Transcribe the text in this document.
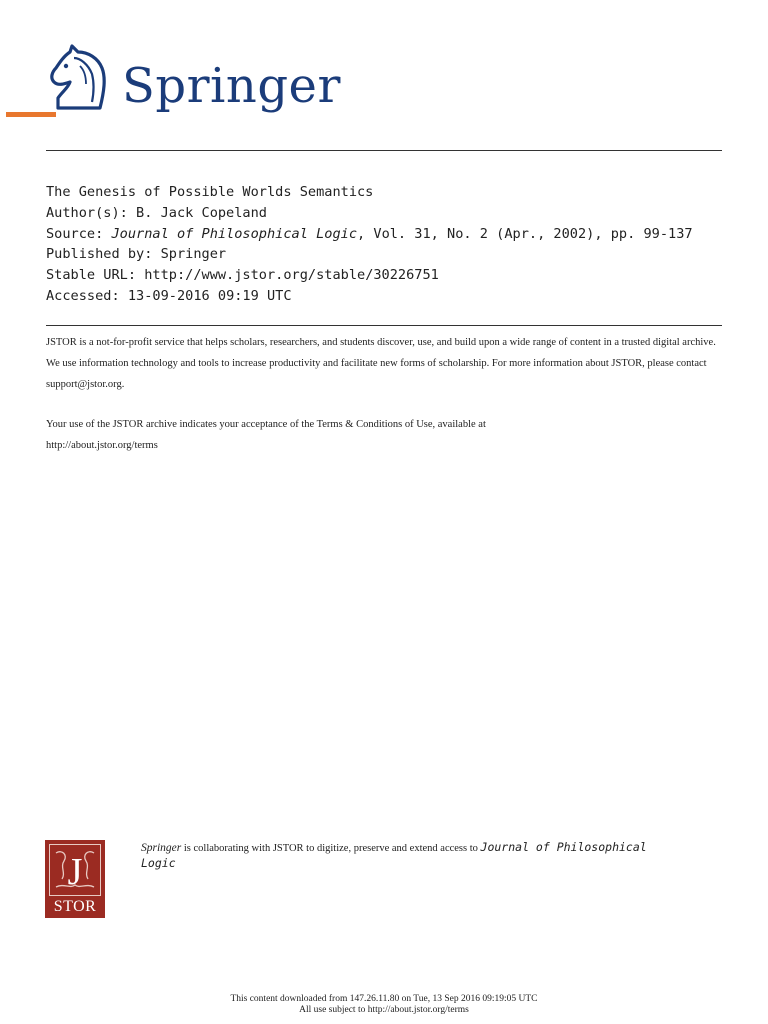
Springer
The Genesis of Possible Worlds Semantics
Author(s): B. Jack Copeland
Source: Journal of Philosophical Logic, Vol. 31, No. 2 (Apr., 2002), pp. 99-137
Published by: Springer
Stable URL: http://www.jstor.org/stable/30226751
Accessed: 13-09-2016 09:19 UTC
JSTOR is a not-for-profit service that helps scholars, researchers, and students discover, use, and build upon a wide range of content in a trusted digital archive. We use information technology and tools to increase productivity and facilitate new forms of scholarship. For more information about JSTOR, please contact support@jstor.org.
Your use of the JSTOR archive indicates your acceptance of the Terms & Conditions of Use, available at
http://about.jstor.org/terms
J
STOR
Springer is collaborating with JSTOR to digitize, preserve and extend access to Journal of Philosophical Logic
This content downloaded from 147.26.11.80 on Tue, 13 Sep 2016 09:19:05 UTC
All use subject to http://about.jstor.org/terms
